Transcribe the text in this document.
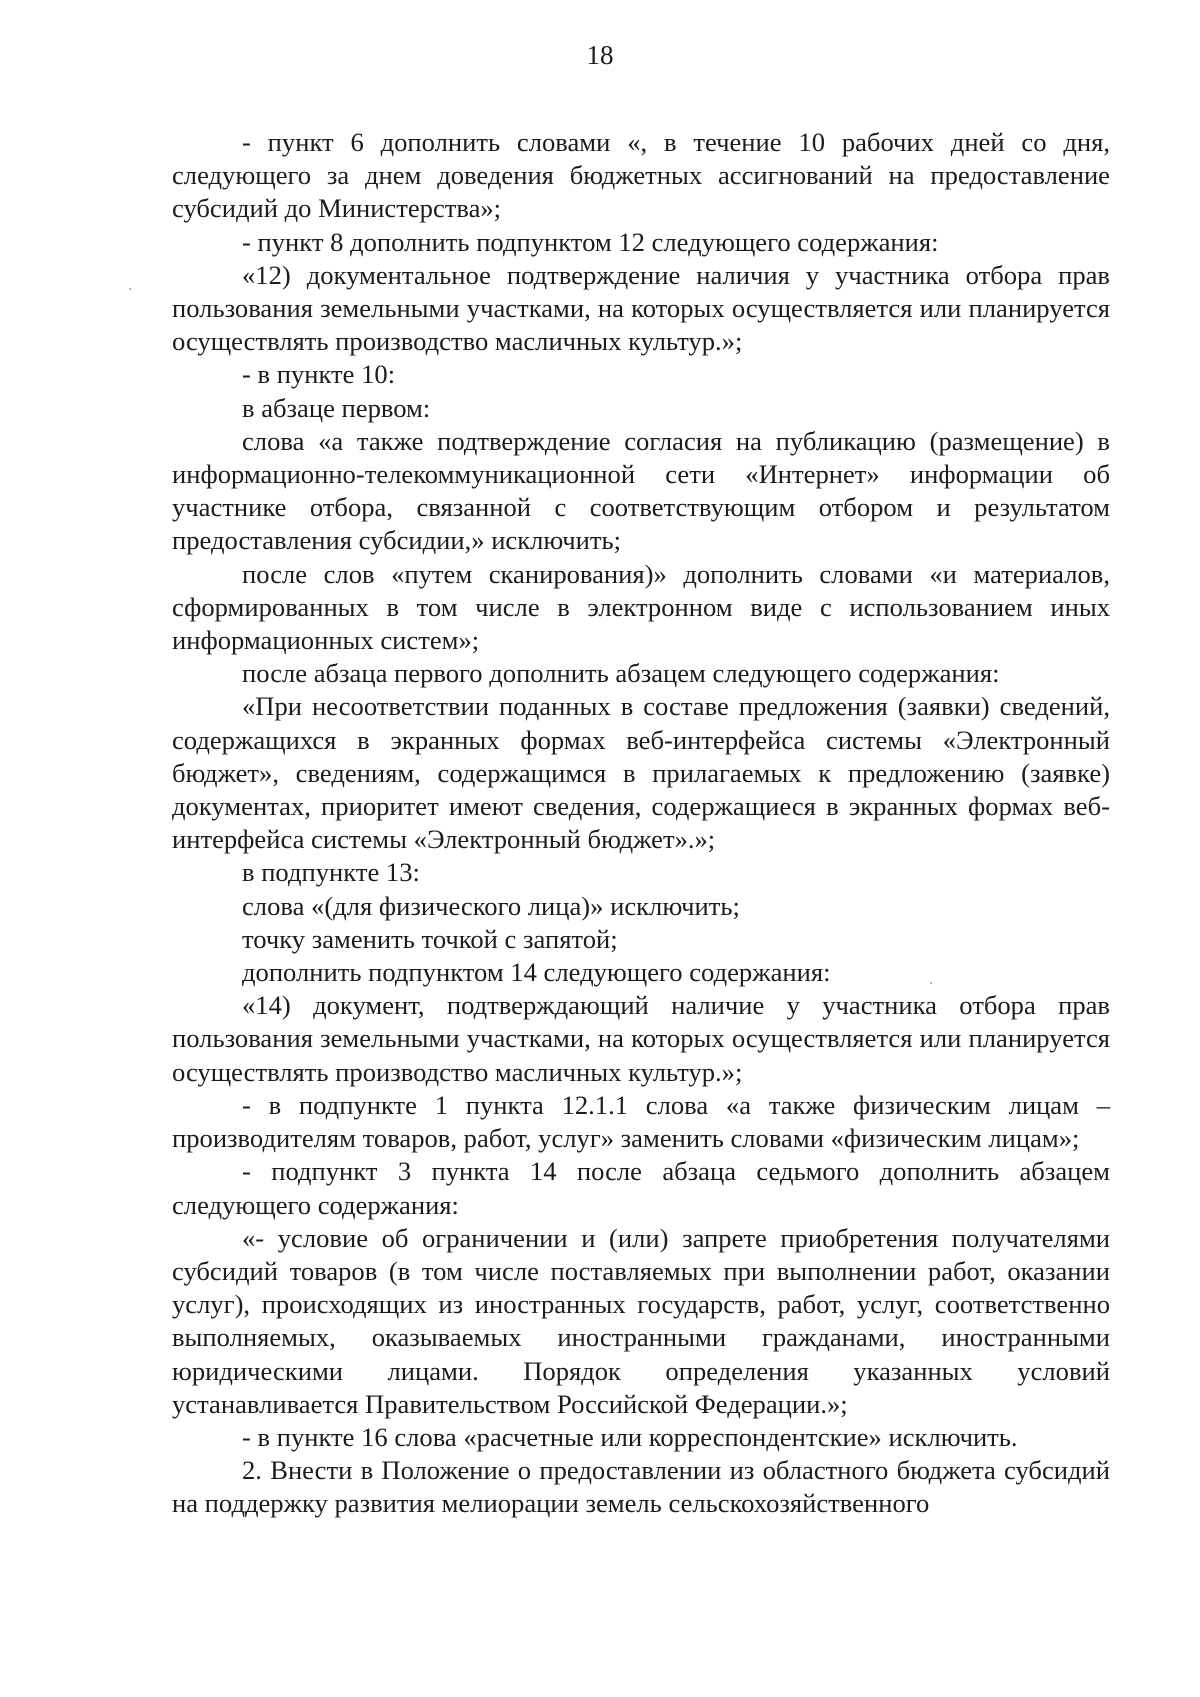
18

- пункт 6 дополнить словами «, в течение 10 рабочих дней со дня, следующего за днем доведения бюджетных ассигнований на предоставление субсидий до Министерства»;

- пункт 8 дополнить подпунктом 12 следующего содержания:

«12) документальное подтверждение наличия у участника отбора прав пользования земельными участками, на которых осуществляется или планируется осуществлять производство масличных культур.»;

- в пункте 10:

в абзаце первом:

слова «а также подтверждение согласия на публикацию (размещение) в информационно-телекоммуникационной сети «Интернет» информации об участнике отбора, связанной с соответствующим отбором и результатом предоставления субсидии,» исключить;

после слов «путем сканирования)» дополнить словами «и материалов, сформированных в том числе в электронном виде с использованием иных информационных систем»;

после абзаца первого дополнить абзацем следующего содержания:

«При несоответствии поданных в составе предложения (заявки) сведений, содержащихся в экранных формах веб-интерфейса системы «Электронный бюджет», сведениям, содержащимся в прилагаемых к предложению (заявке) документах, приоритет имеют сведения, содержащиеся в экранных формах веб-интерфейса системы «Электронный бюджет».»;

в подпункте 13:

слова «(для физического лица)» исключить;

точку заменить точкой с запятой;

дополнить подпунктом 14 следующего содержания:

«14) документ, подтверждающий наличие у участника отбора прав пользования земельными участками, на которых осуществляется или планируется осуществлять производство масличных культур.»;

- в подпункте 1 пункта 12.1.1 слова «а также физическим лицам – производителям товаров, работ, услуг» заменить словами «физическим лицам»;

- подпункт 3 пункта 14 после абзаца седьмого дополнить абзацем следующего содержания:

«- условие об ограничении и (или) запрете приобретения получателями субсидий товаров (в том числе поставляемых при выполнении работ, оказании услуг), происходящих из иностранных государств, работ, услуг, соответственно выполняемых, оказываемых иностранными гражданами, иностранными юридическими лицами. Порядок определения указанных условий устанавливается Правительством Российской Федерации.»;

- в пункте 16 слова «расчетные или корреспондентские» исключить.

2. Внести в Положение о предоставлении из областного бюджета субсидий на поддержку развития мелиорации земель сельскохозяйственного
